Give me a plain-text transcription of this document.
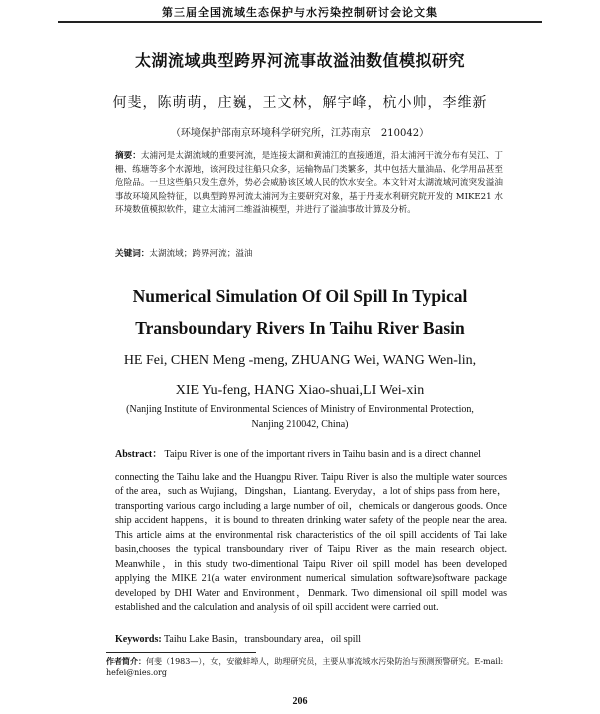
第三届全国流域生态保护与水污染控制研讨会论文集
太湖流域典型跨界河流事故溢油数值模拟研究
何斐，陈萌萌，庄巍，王文林，解宇峰，杭小帅，李维新
（环境保护部南京环境科学研究所，江苏南京　210042）
摘要：太浦河是太湖流域的重要河流，是连接太湖和黄浦江的直接通道，沿太浦河干流分布有吴江、丁栅、练塘等多个水源地，该河段过往船只众多，运输物品门类繁多，其中包括大量油品、化学用品甚至危险品。一旦这些船只发生意外，势必会威胁该区域人民的饮水安全。本文针对太湖流域河流突发溢油事故环境风险特征，以典型跨界河流太浦河为主要研究对象，基于丹麦水利研究院开发的 MIKE21 水环境数值模拟软件，建立太浦河二维溢油模型，并进行了溢油事故计算及分析。
关键词：太湖流域；跨界河流；溢油
Numerical Simulation Of Oil Spill In Typical
Transboundary Rivers In Taihu River Basin
HE Fei, CHEN Meng -meng, ZHUANG Wei, WANG Wen-lin,
XIE Yu-feng, HANG Xiao-shuai,LI Wei-xin
(Nanjing Institute of Environmental Sciences of Ministry of Environmental Protection,
Nanjing 210042, China)
Abstract： Taipu River is one of the important rivers in Taihu basin and is a direct channel
connecting the Taihu lake and the Huangpu River. Taipu River is also the multiple water sources of the area，such as Wujiang，Dingshan，Liantang. Everyday，a lot of ships pass from here，transporting various cargo including a large number of oil，chemicals or dangerous goods. Once ship accident happens，it is bound to threaten drinking water safety of the people near the area. This article aims at the environmental risk characteristics of the oil spill accidents of Tai lake basin,chooses the typical transboundary river of Taipu River as the main research object. Meanwhile，in this study two-dimentional Taipu River oil spill model has been developed applying the MIKE 21(a water environment numerical simulation software)software package developed by DHI Water and Environment，Denmark. Two dimensional oil spill model was established and the calculation and analysis of oil spill accident were carried out.
Keywords: Taihu Lake Basin，transboundary area，oil spill
作者简介：何斐（1983—），女，安徽蚌埠人，助理研究员，主要从事流域水污染防治与预测预警研究。E-mail: hefei@nies.org
206
